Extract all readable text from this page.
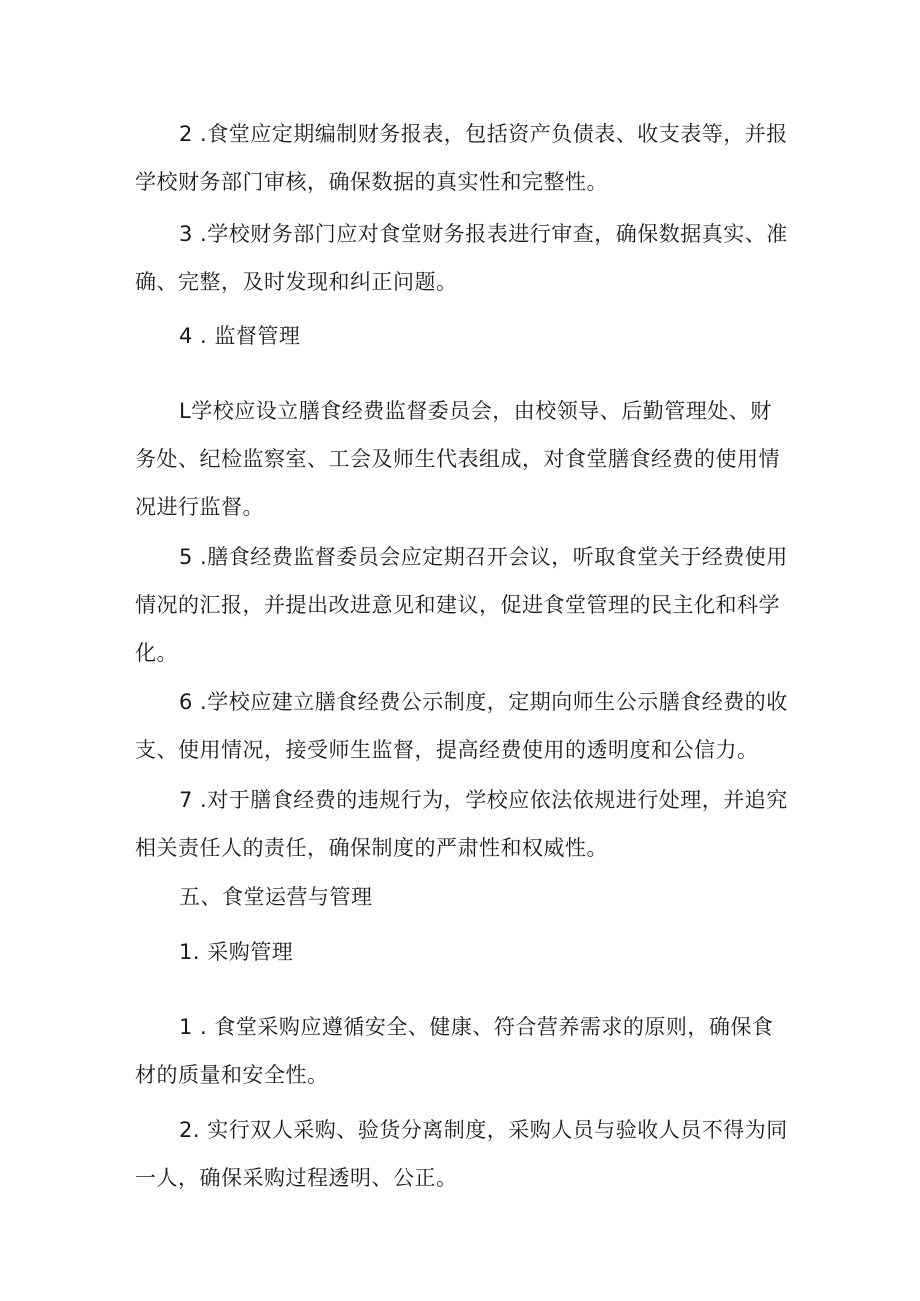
2 .食堂应定期编制财务报表，包括资产负债表、收支表等，并报学校财务部门审核，确保数据的真实性和完整性。

3 .学校财务部门应对食堂财务报表进行审查，确保数据真实、准确、完整，及时发现和纠正问题。

4 . 监督管理

L学校应设立膳食经费监督委员会，由校领导、后勤管理处、财务处、纪检监察室、工会及师生代表组成，对食堂膳食经费的使用情况进行监督。

5 .膳食经费监督委员会应定期召开会议，听取食堂关于经费使用情况的汇报，并提出改进意见和建议，促进食堂管理的民主化和科学化。

6 .学校应建立膳食经费公示制度，定期向师生公示膳食经费的收支、使用情况，接受师生监督，提高经费使用的透明度和公信力。

7 .对于膳食经费的违规行为，学校应依法依规进行处理，并追究相关责任人的责任，确保制度的严肃性和权威性。

五、食堂运营与管理

1. 采购管理

1 . 食堂采购应遵循安全、健康、符合营养需求的原则，确保食材的质量和安全性。

2. 实行双人采购、验货分离制度，采购人员与验收人员不得为同一人，确保采购过程透明、公正。
